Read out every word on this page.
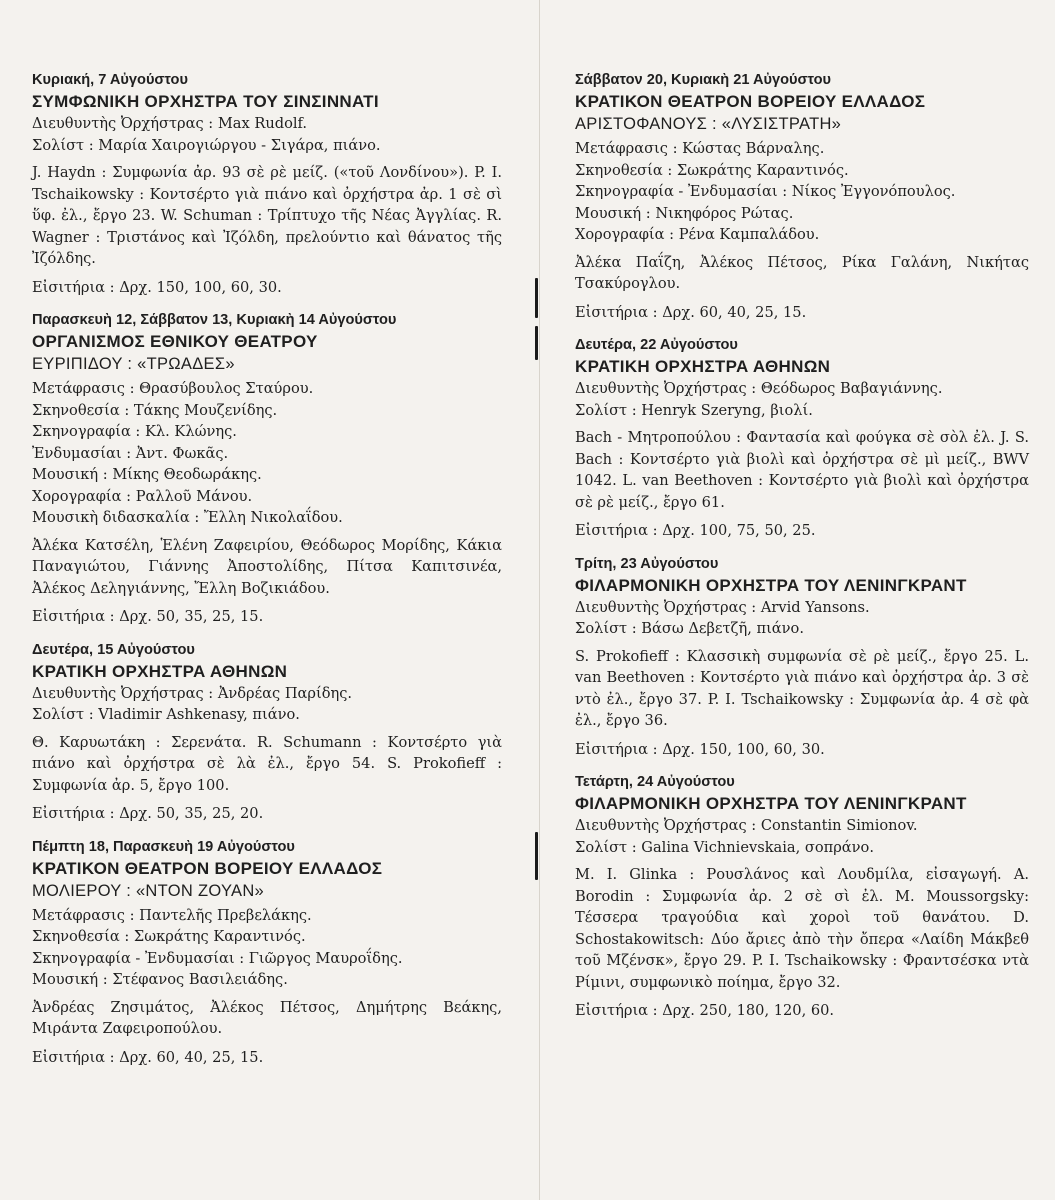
Κυριακή, 7 Αὐγούστου
ΣΥΜΦΩΝΙΚΗ ΟΡΧΗΣΤΡΑ ΤΟΥ ΣΙΝΣΙΝΝΑΤΙ
Διευθυντὴς Ὀρχήστρας : Max Rudolf.
Σολίστ : Μαρία Χαιρογιώργου - Σιγάρα, πιάνο.
J. Haydn : Συμφωνία ἀρ. 93 σὲ ρὲ μείζ. («τοῦ Λονδίνου»). P. I. Tschaikowsky : Κοντσέρτο γιὰ πιάνο καὶ ὀρχήστρα ἀρ. 1 σὲ σὶ ὕφ. ἐλ., ἔργο 23. W. Schuman : Τρίπτυχο τῆς Νέας Ἀγγλίας. R. Wagner : Τριστάνος καὶ Ἰζόλδη, πρελούντιο καὶ θάνατος τῆς Ἰζόλδης.
Εἰσιτήρια : Δρχ. 150, 100, 60, 30.
Παρασκευὴ 12, Σάββατον 13, Κυριακὴ 14 Αὐγούστου
ΟΡΓΑΝΙΣΜΟΣ ΕΘΝΙΚΟΥ ΘΕΑΤΡΟΥ
ΕΥΡΙΠΙΔΟΥ : «ΤΡΩΑΔΕΣ»
Μετάφρασις : Θρασύβουλος Σταύρου.
Σκηνοθεσία : Τάκης Μουζενίδης.
Σκηνογραφία : Κλ. Κλώνης.
Ἐνδυμασίαι : Ἀντ. Φωκᾶς.
Μουσική : Μίκης Θεοδωράκης.
Χορογραφία : Ραλλοῦ Μάνου.
Μουσικὴ διδασκαλία : Ἔλλη Νικολαΐδου.
Ἀλέκα Κατσέλη, Ἑλένη Ζαφειρίου, Θεόδωρος Μορίδης, Κάκια Παναγιώτου, Γιάννης Ἀποστολίδης, Πίτσα Καπιτσινέα, Ἀλέκος Δεληγιάννης, Ἔλλη Βοζικιάδου.
Εἰσιτήρια : Δρχ. 50, 35, 25, 15.
Δευτέρα, 15 Αὐγούστου
ΚΡΑΤΙΚΗ ΟΡΧΗΣΤΡΑ ΑΘΗΝΩΝ
Διευθυντὴς Ὀρχήστρας : Ἀνδρέας Παρίδης.
Σολίστ : Vladimir Ashkenasy, πιάνο.
Θ. Καρυωτάκη : Σερενάτα. R. Schumann : Κοντσέρτο γιὰ πιάνο καὶ ὀρχήστρα σὲ λὰ ἐλ., ἔργο 54. S. Prokofieff : Συμφωνία ἀρ. 5, ἔργο 100.
Εἰσιτήρια : Δρχ. 50, 35, 25, 20.
Πέμπτη 18, Παρασκευὴ 19 Αὐγούστου
ΚΡΑΤΙΚΟΝ ΘΕΑΤΡΟΝ ΒΟΡΕΙΟΥ ΕΛΛΑΔΟΣ
ΜΟΛΙΕΡΟΥ : «ΝΤΟΝ ΖΟΥΑΝ»
Μετάφρασις : Παντελῆς Πρεβελάκης.
Σκηνοθεσία : Σωκράτης Καραντινός.
Σκηνογραφία - Ἐνδυμασίαι : Γιῶργος Μαυροΐδης.
Μουσική : Στέφανος Βασιλειάδης.
Ἀνδρέας Ζησιμάτος, Ἀλέκος Πέτσος, Δημήτρης Βεάκης, Μιράντα Ζαφειροπούλου.
Εἰσιτήρια : Δρχ. 60, 40, 25, 15.
Σάββατον 20, Κυριακὴ 21 Αὐγούστου
ΚΡΑΤΙΚΟΝ ΘΕΑΤΡΟΝ ΒΟΡΕΙΟΥ ΕΛΛΑΔΟΣ
ΑΡΙΣΤΟΦΑΝΟΥΣ : «ΛΥΣΙΣΤΡΑΤΗ»
Μετάφρασις : Κώστας Βάρναλης.
Σκηνοθεσία : Σωκράτης Καραντινός.
Σκηνογραφία - Ἐνδυμασίαι : Νίκος Ἐγγονόπουλος.
Μουσική : Νικηφόρος Ρώτας.
Χορογραφία : Ρένα Καμπαλάδου.
Ἀλέκα Παΐζη, Ἀλέκος Πέτσος, Ρίκα Γαλάνη, Νικήτας Τσακύρογλου.
Εἰσιτήρια : Δρχ. 60, 40, 25, 15.
Δευτέρα, 22 Αὐγούστου
ΚΡΑΤΙΚΗ ΟΡΧΗΣΤΡΑ ΑΘΗΝΩΝ
Διευθυντὴς Ὀρχήστρας : Θεόδωρος Βαβαγιάννης.
Σολίστ : Henryk Szeryng, βιολί.
Bach - Μητροπούλου : Φαντασία καὶ φούγκα σὲ σὸλ ἐλ. J. S. Bach : Κοντσέρτο γιὰ βιολὶ καὶ ὀρχήστρα σὲ μὶ μείζ., BWV 1042. L. van Beethoven : Κοντσέρτο γιὰ βιολὶ καὶ ὀρχήστρα σὲ ρὲ μείζ., ἔργο 61.
Εἰσιτήρια : Δρχ. 100, 75, 50, 25.
Τρίτη, 23 Αὐγούστου
ΦΙΛΑΡΜΟΝΙΚΗ ΟΡΧΗΣΤΡΑ ΤΟΥ ΛΕΝΙΝΓΚΡΑΝΤ
Διευθυντὴς Ὀρχήστρας : Arvid Yansons.
Σολίστ : Βάσω Δεβετζῆ, πιάνο.
S. Prokofieff : Κλασσικὴ συμφωνία σὲ ρὲ μείζ., ἔργο 25. L. van Beethoven : Κοντσέρτο γιὰ πιάνο καὶ ὀρχήστρα ἀρ. 3 σὲ ντὸ ἐλ., ἔργο 37. P. I. Tschaikowsky : Συμφωνία ἀρ. 4 σὲ φὰ ἐλ., ἔργο 36.
Εἰσιτήρια : Δρχ. 150, 100, 60, 30.
Τετάρτη, 24 Αὐγούστου
ΦΙΛΑΡΜΟΝΙΚΗ ΟΡΧΗΣΤΡΑ ΤΟΥ ΛΕΝΙΝΓΚΡΑΝΤ
Διευθυντὴς Ὀρχήστρας : Constantin Simionov.
Σολίστ : Galina Vichnievskaia, σοπράνο.
M. I. Glinka : Ρουσλάνος καὶ Λουδμίλα, εἰσαγωγή. A. Borodin : Συμφωνία ἀρ. 2 σὲ σὶ ἐλ. M. Moussorgsky: Τέσσερα τραγούδια καὶ χοροὶ τοῦ θανάτου. D. Schostakowitsch: Δύο ἄριες ἀπὸ τὴν ὄπερα «Λαίδη Μάκβεθ τοῦ Μζένσκ», ἔργο 29. P. I. Tschaikowsky : Φραντσέσκα ντὰ Ρίμινι, συμφωνικὸ ποίημα, ἔργο 32.
Εἰσιτήρια : Δρχ. 250, 180, 120, 60.
